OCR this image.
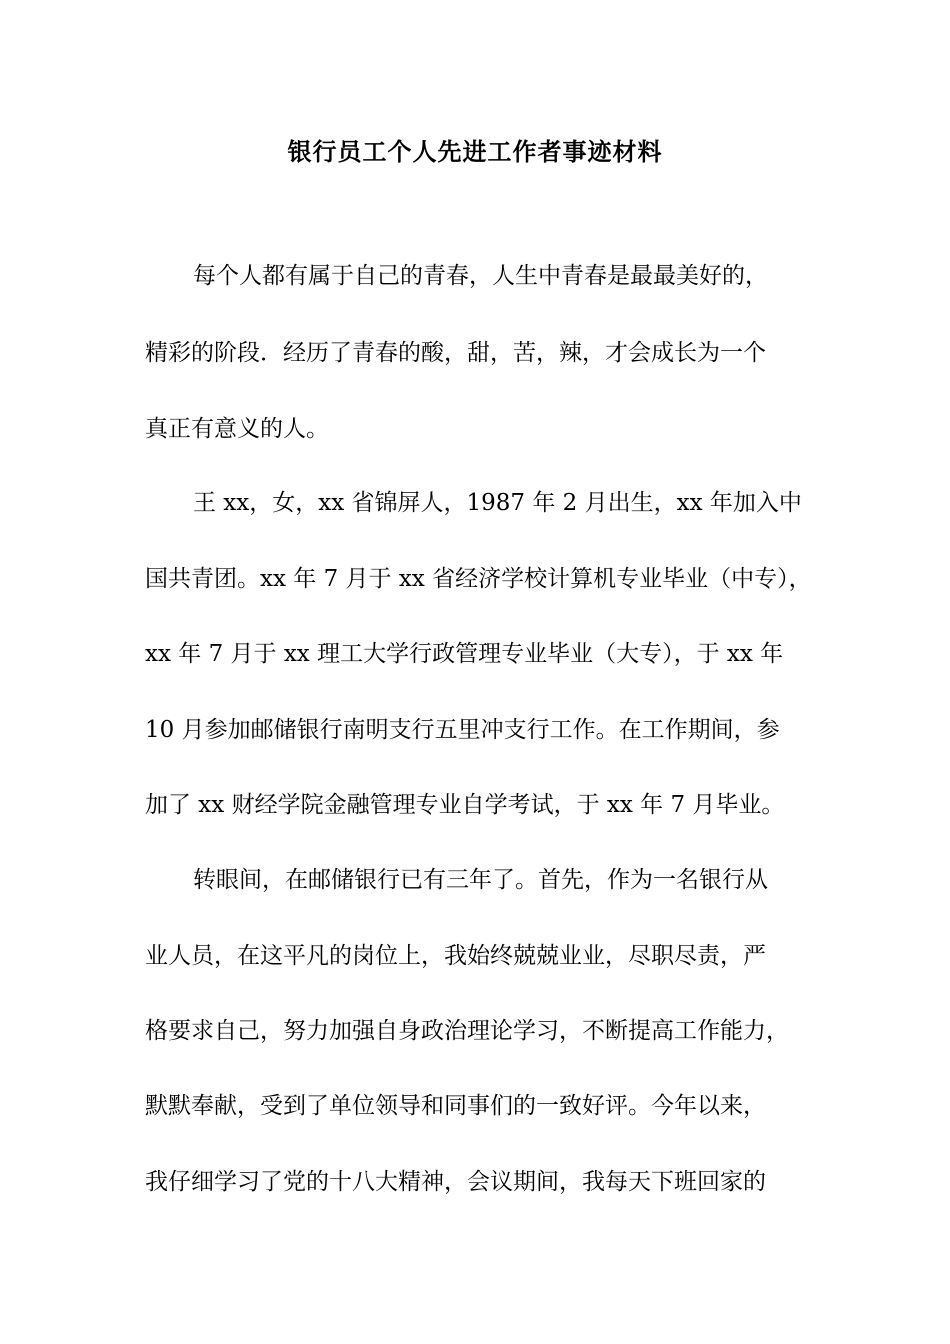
银行员工个人先进工作者事迹材料
每个人都有属于自己的青春，人生中青春是最最美好的，
精彩的阶段．经历了青春的酸，甜，苦，辣，才会成长为一个
真正有意义的人。
王 xx，女，xx 省锦屏人，1987 年 2 月出生，xx 年加入中
国共青团。xx 年 7 月于 xx 省经济学校计算机专业毕业（中专），
xx 年 7 月于 xx 理工大学行政管理专业毕业（大专），于 xx 年
10 月参加邮储银行南明支行五里冲支行工作。在工作期间，参
加了 xx 财经学院金融管理专业自学考试，于 xx 年 7 月毕业。
转眼间，在邮储银行已有三年了。首先，作为一名银行从
业人员，在这平凡的岗位上，我始终兢兢业业，尽职尽责，严
格要求自己，努力加强自身政治理论学习，不断提高工作能力，
默默奉献，受到了单位领导和同事们的一致好评。今年以来，
我仔细学习了党的十八大精神，会议期间，我每天下班回家的
